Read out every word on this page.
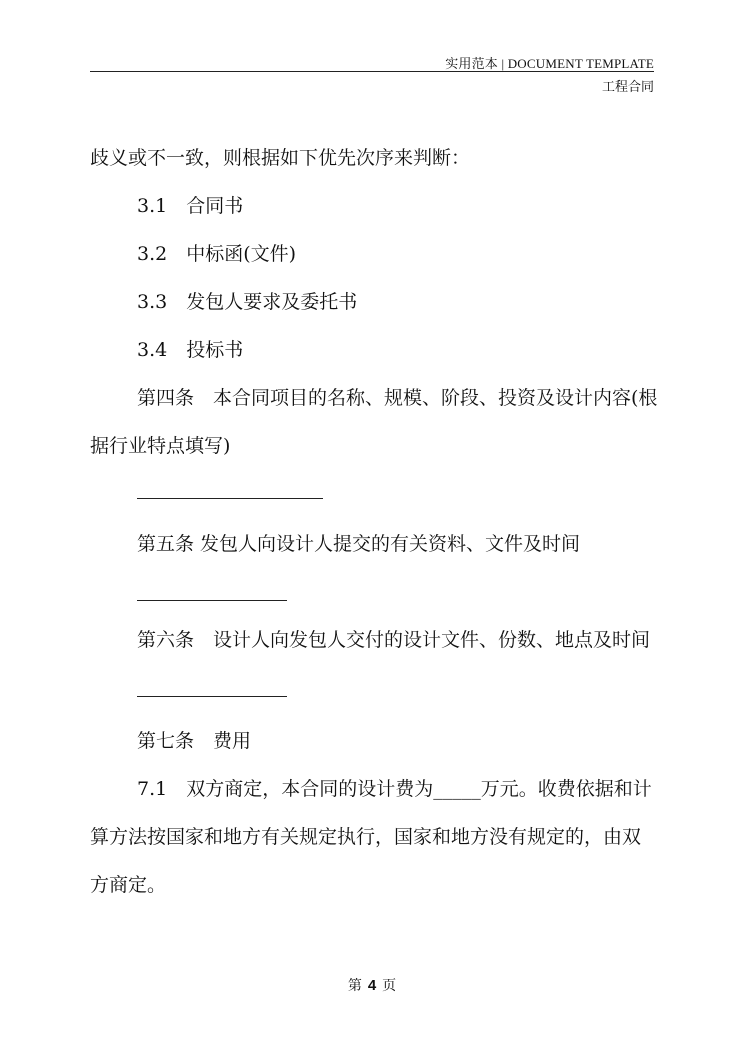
实用范本 | DOCUMENT TEMPLATE
工程合同
歧义或不一致，则根据如下优先次序来判断：
3.1　合同书
3.2　中标函(文件)
3.3　发包人要求及委托书
3.4　投标书
第四条　本合同项目的名称、规模、阶段、投资及设计内容(根
据行业特点填写)
第五条 发包人向设计人提交的有关资料、文件及时间
第六条　设计人向发包人交付的设计文件、份数、地点及时间
第七条　费用
7.1　双方商定，本合同的设计费为_____万元。收费依据和计
算方法按国家和地方有关规定执行，国家和地方没有规定的，由双
方商定。
第 4 页
